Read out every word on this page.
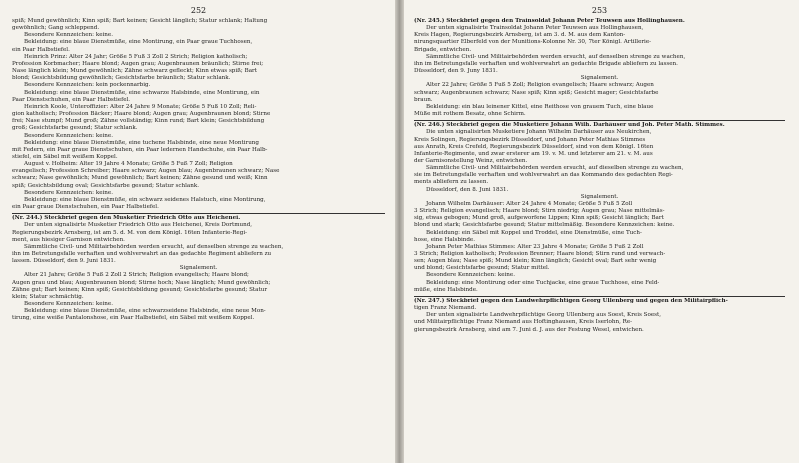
252
spiß; Mund gewöhnlich; Kinn spiß; Bart keinen; Gesicht länglich; Statur schlank; Haltung
gewöhnlich; Gang schleppend.
Besondere Kennzeichen: keine.
Bekleidung: eine blaue Dienstmüße, eine Montirung, ein Paar graue Tuchhosen,
ein Paar Halbstiefel.
Heinrich Prinz: Alter 24 Jahr; Größe 5 Fuß 3 Zoll 2 Strich; Religion katholisch;
Profession Korbmacher; Haare blond; Augen grau; Augenbraunen bräunlich; Stirne frei;
Nase länglich klein; Mund gewöhnlich; Zähne schwarz gefleckt; Kinn etwas spiß; Bart
blond; Gesichtsbildung gewöhnlich; Gesichtsfarbe bräunlich; Statur schlank.
Besondere Kennzeichen: kein pockennarbig.
Bekleidung: eine blaue Dienstmüße, eine schwarze Halsbinde, eine Montirung, ein
Paar Dienstschuhen, ein Paar Halbstiefel.
Heinrich Koole, Unteroffizier: Alter 24 Jahre 9 Monate; Größe 5 Fuß 10 Zoll; Reli-
gion katholisch; Profession Bäcker; Haare blond; Augen grau; Augenbraunen blond; Stirne
frei; Nase stumpf; Mund groß; Zähne vollständig; Kinn rund; Bart klein; Gesichtsbildung
groß; Gesichtsfarbe gesund; Statur schlank.
Besondere Kennzeichen: keine.
Bekleidung: eine blaue Dienstmüße, eine tuchene Halsbinde, eine neue Montirung
mit Federn, ein Paar graue Dienstschuhen, ein Paar ledernen Handschuhe, ein Paar Halb-
stiefel, ein Säbel mit weißem Koppel.
August v. Holheim: Alter 19 Jahre 4 Monate; Größe 5 Fuß 7 Zoll; Religion
evangelisch; Profession Schreiber; Haare schwarz; Augen blau; Augenbraunen schwarz; Nase
schwarz; Nase gewöhnlich; Mund gewöhnlich; Bart keinen; Zähne gesund und weiß; Kinn
spiß; Gesichtsbildung oval; Gesichtsfarbe gesund; Statur schlank.
Besondere Kennzeichen: keine.
Bekleidung: eine blaue Dienstmüße, ein schwarz seidenes Halstuch, eine Montirung,
ein Paar graue Dienstschuhen, ein Paar Halbstiefel.
(Nr. 244.) Steckbrief gegen den Musketier Friedrich Otto aus Heichenei.
Der unten signalisirte Musketier Friedrich Otto aus Heichenei, Kreis Dortmund,
Regierungsbezirk Arnsberg, ist am 5. d. M. von dem Königl. 16ten Infanterie-Regi-
ment, aus hiesiger Garnison entwichen.
Sämmtliche Civil- und Militairbehörden werden ersucht, auf denselben strenge zu wachen,
ihn im Betretungsfalle verhaften und wohlverwahrt an das gedachte Regiment abliefern zu
lassen. Düsseldorf, den 9. Juni 1831.
Signalement.
Alter 21 Jahre; Größe 5 Fuß 2 Zoll 2 Strich; Religion evangelisch; Haare blond;
Augen grau und blau; Augenbraunen blond; Stirne hoch; Nase länglich; Mund gewöhnlich;
Zähne gut; Bart keinen; Kinn spiß; Gesichtsbildung gesund; Gesichtsfarbe gesund; Statur
klein; Statur schmächtig.
Besondere Kennzeichen: keine.
Bekleidung: eine blaue Dienstmüße, eine schwarzseidene Halsbinde, eine neue Mon-
tirung, eine weiße Pantalonshose, ein Paar Halbstiefel, ein Säbel mit weißem Koppel.
253
(Nr. 245.) Steckbrief gegen den Trainsoldat Johann Peter Teuwsen aus Hollinghausen.
Der unten signalisirte Trainsoldat Johann Peter Teuwsen aus Hollinghausen,
Kreis Hagen, Regierungsbezirk Arnsberg, ist am 3. d. M. aus dem Kanton-
nirungsquartier Elberfeld von der Munitions-Kolonne Nr. 30, 7ter Königl. Artillerie-
Brigade, entwichen.
Sämmtliche Civil- und Militairbehörden werden ersucht, auf denselben strenge zu wachen,
ihn im Betretungsfalle verhaften und wohlverwahrt an gedachte Brigade abliefern zu lassen.
Düsseldorf, den 9. Juny 1831.
Signalement.
Alter 22 Jahre; Größe 5 Fuß 5 Zoll; Religion evangelisch; Haare schwarz; Augen
schwarz; Augenbraunen schwarz; Nase spiß; Kinn spiß; Gesicht mager; Gesichtsfarbe
braun.
Bekleidung: ein blau leinener Kittel, eine Reithose von grauem Tuch, eine blaue
Müße mit rothem Besatz, ohne Schirm.
(Nr. 246.) Steckbrief gegen die Musketiere Johann Wilh. Darhäuser und Joh. Peter Math. Stimmes.
Die unten signalisirten Musketiere Johann Wilhelm Darhäuser aus Neukirchen,
Kreis Solingen, Regierungsbezirk Düsseldorf, und Johann Peter Mathias Stimmes
aus Anrath, Kreis Crefeld, Regierungsbezirk Düsseldorf, sind von dem Königl. 16ten
Infanterie-Regimente, und zwar ersterer am 19. v. M. und letzterer am 21. v. M. aus
der Garnisonstellung Weinz, entwichen.
Sämmtliche Civil- und Militairbehörden werden ersucht, auf dieselben strenge zu wachen,
sie im Betretungsfalle verhaften und wohlverwahrt an das Kommando des gedachten Regi-
ments abliefern zu lassen.
Düsseldorf, den 8. Juni 1831.
Signalement.
Johann Wilhelm Darhäuser: Alter 24 Jahre 4 Monate; Größe 5 Fuß 5 Zoll
3 Strich; Religion evangelisch; Haare blond; Stirn niedrig; Augen grau; Nase mittelmäs-
sig, etwas gebogen; Mund groß, aufgeworfene Lippen; Kinn spiß; Gesicht länglich; Bart
blond und stark; Gesichtsfarbe gesund; Statur mittelmäßig. Besondere Kennzeichen: keine.
Bekleidung: ein Säbel mit Koppel und Troddel, eine Dienstmüße, eine Tuch-
hose, eine Halsbinde.
Johann Peter Mathias Stimmes: Alter 23 Jahre 4 Monate; Größe 5 Fuß 2 Zoll
3 Strich; Religion katholisch; Profession Brenner; Haare blond; Stirn rund und verwach-
sen; Augen blau; Nase spiß; Mund klein; Kinn länglich; Gesicht oval; Bart sehr wenig
und blond; Gesichtsfarbe gesund; Statur mittel.
Besondere Kennzeichen: keine.
Bekleidung: eine Montirung oder eine Tuchjacke, eine graue Tuchhose, eine Feld-
müße, eine Halsbinde.
(Nr. 247.) Steckbrief gegen den Landwehrpflichtigen Georg Ullenberg und gegen den Militairpflich-
tigen Franz Niemand.
Der unten signalisirte Landwehrpflichtige Georg Ullenberg aus Soest, Kreis Soest,
und Militairpflichtige Franz Niemand aus Hoftinghausen, Kreis Iserlohn, Re-
gierungsbezirk Arnsberg, sind am 7. Juni d. J. aus der Festung Wesel, entwichen.
